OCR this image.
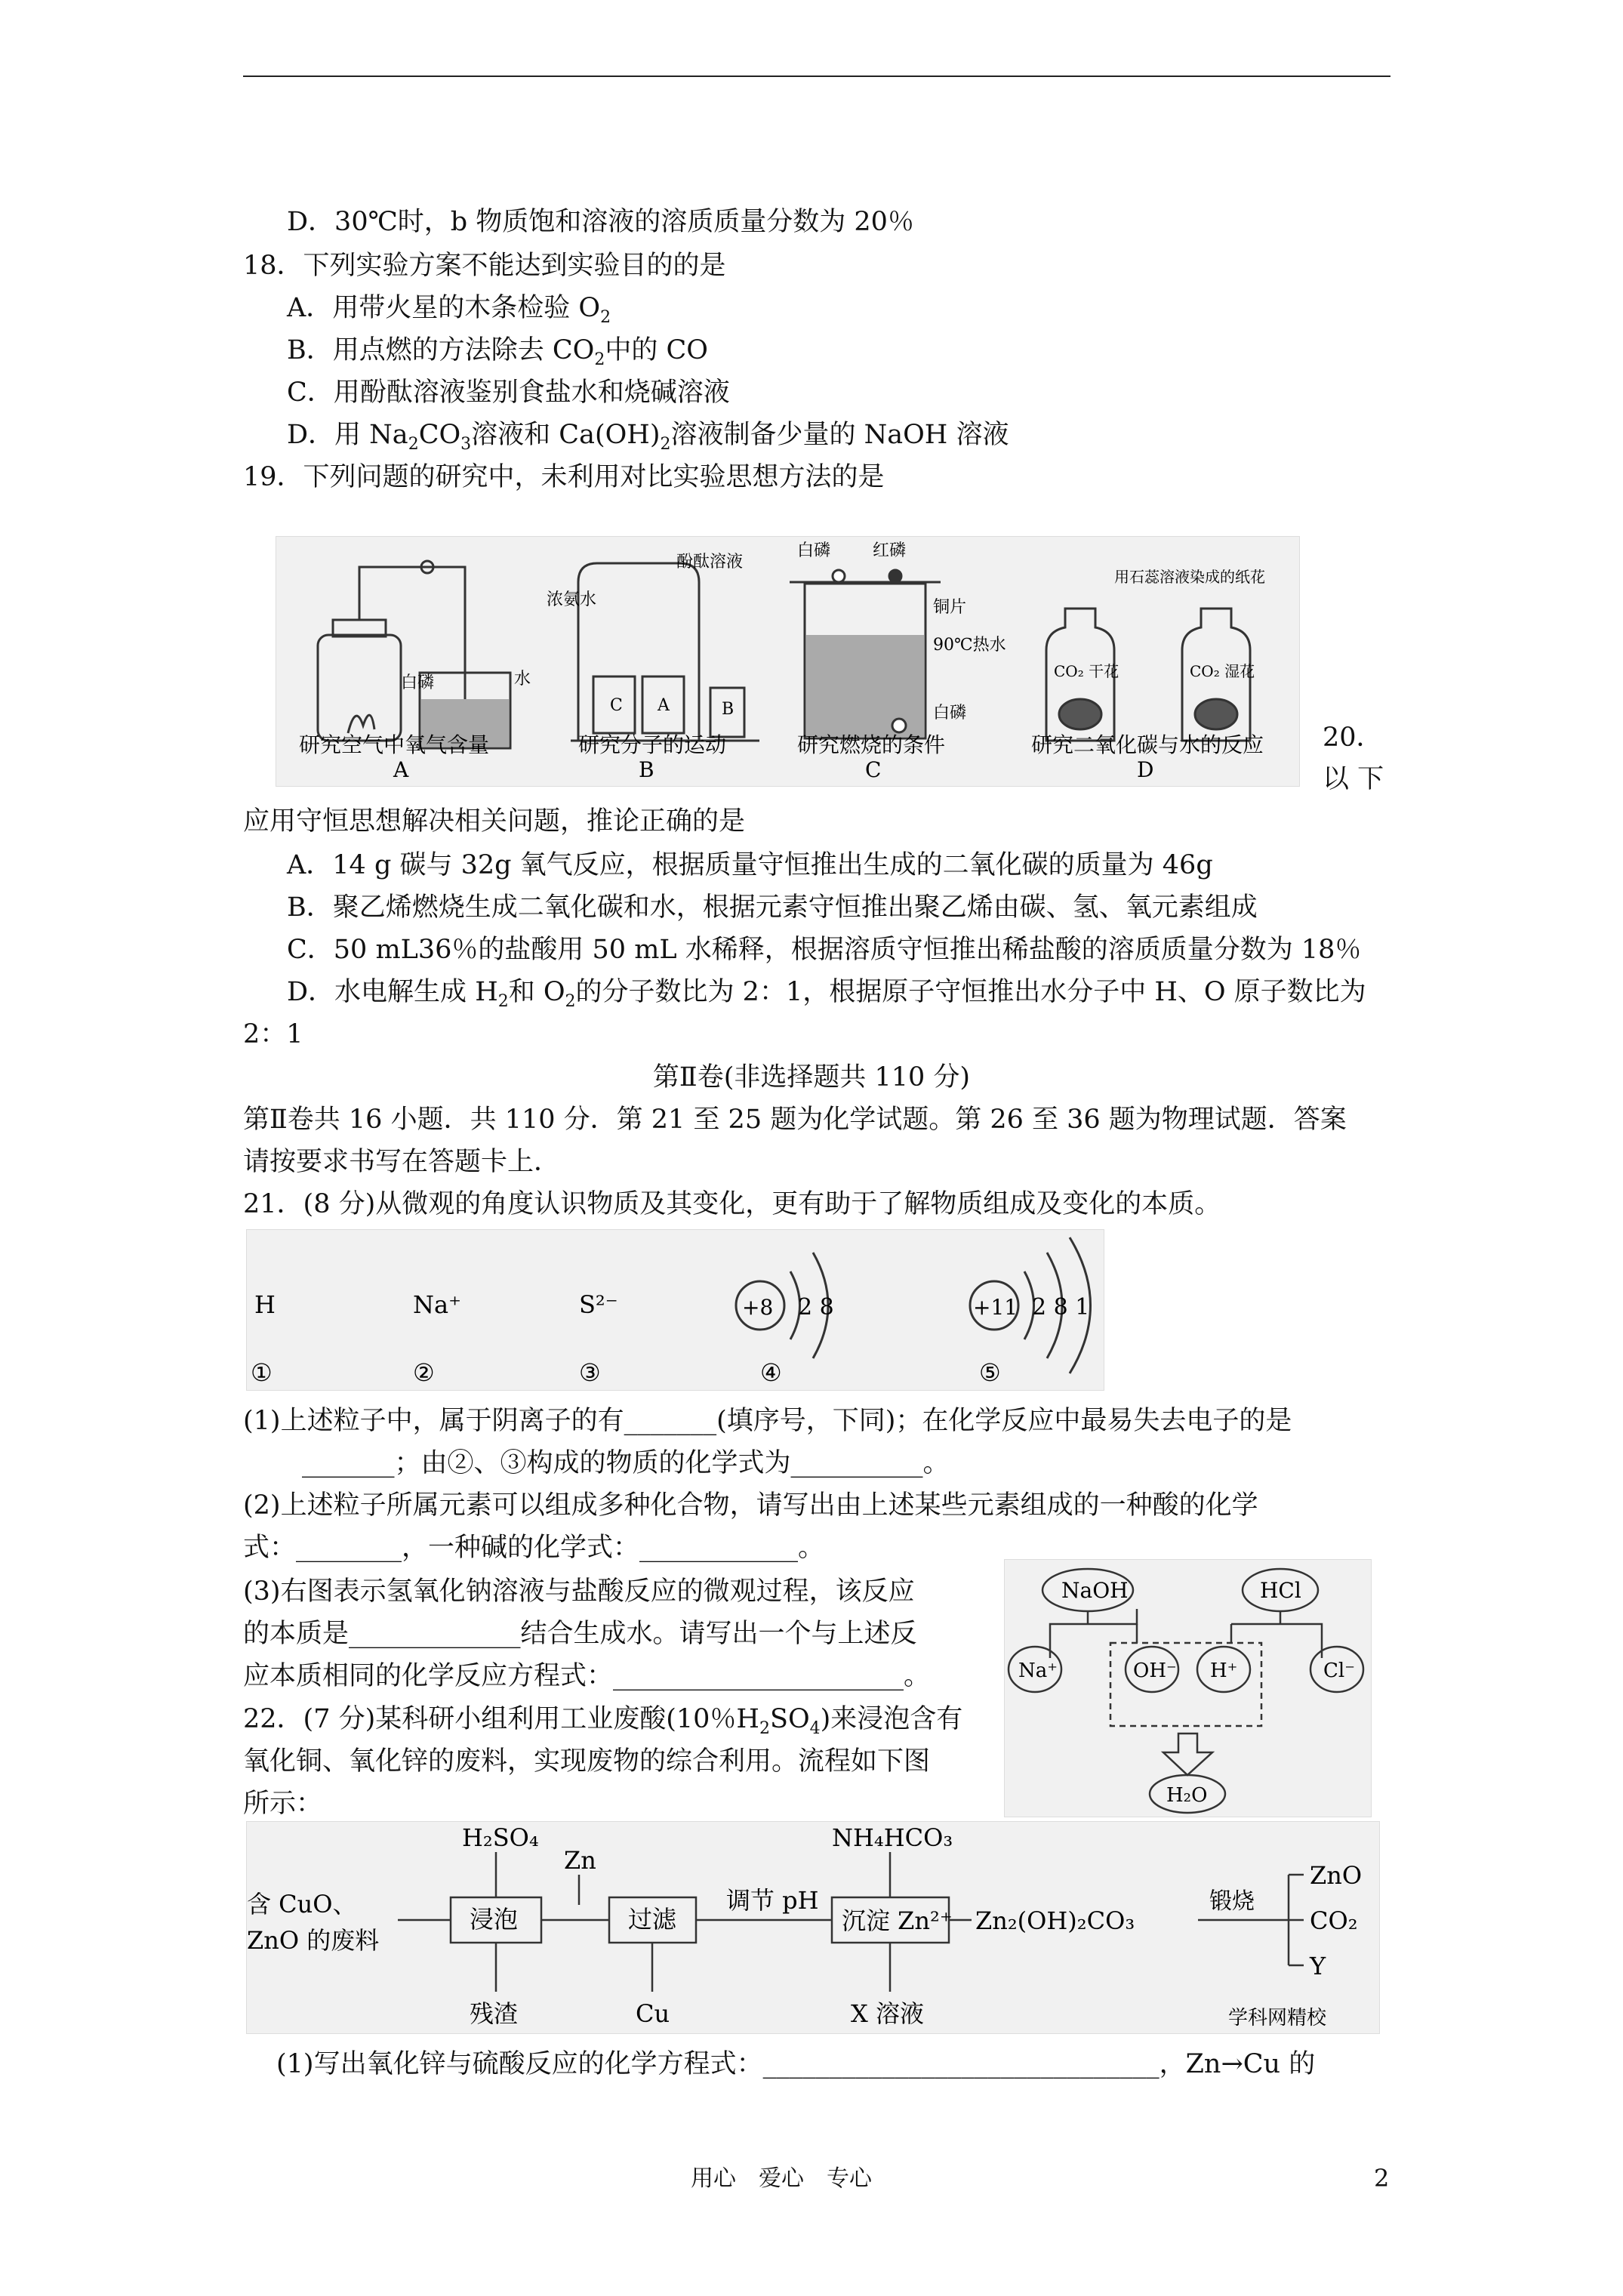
D．30℃时，b 物质饱和溶液的溶质质量分数为 20％
18．下列实验方案不能达到实验目的的是
A．用带火星的木条检验 $O_2$
B．用点燃的方法除去 $CO_2$中的 CO
C．用酚酞溶液鉴别食盐水和烧碱溶液
D．用 $Na_2CO_3$溶液和 $Ca(OH)_2$溶液制备少量的 NaOH 溶液
19．下列问题的研究中，未利用对比实验思想方法的是
白磷	水
研究空气中氧气含量
A
浓氨水
酚酞溶液
C A	B
研究分子的运动
B
白磷	红磷
铜片
90℃热水
白磷
研究燃烧的条件
C
用石蕊溶液染成的纸花
CO₂ 干花	CO₂ 湿花
研究二氧化碳与水的反应
D
20．
以 下
应用守恒思想解决相关问题，推论正确的是
A．14 g 碳与 32g 氧气反应，根据质量守恒推出生成的二氧化碳的质量为 46g
B．聚乙烯燃烧生成二氧化碳和水，根据元素守恒推出聚乙烯由碳、氢、氧元素组成
C．50 mL36％的盐酸用 50 mL 水稀释，根据溶质守恒推出稀盐酸的溶质质量分数为 18％
D．水电解生成 $H_2$和 $O_2$的分子数比为 2：1，根据原子守恒推出水分子中 H、O 原子数比为
2：1
第Ⅱ卷(非选择题共 110 分)
第Ⅱ卷共 16 小题．共 110 分．第 21 至 25 题为化学试题。第 26 至 36 题为物理试题．答案
请按要求书写在答题卡上．
21．(8 分)从微观的角度认识物质及其变化，更有助于了解物质组成及变化的本质。
H	Na⁺	S²⁻	+8 2 8	+11 2 8 1
①	②	③	④	⑤
(1)上述粒子中，属于阴离子的有_______(填序号，下同)；在化学反应中最易失去电子的是
_______；由②、③构成的物质的化学式为__________。
(2)上述粒子所属元素可以组成多种化合物，请写出由上述某些元素组成的一种酸的化学
式：________，一种碱的化学式：____________。
(3)右图表示氢氧化钠溶液与盐酸反应的微观过程，该反应
的本质是_____________结合生成水。请写出一个与上述反
应本质相同的化学反应方程式：______________________。
NaOH	HCl
Na⁺	OH⁻ H⁺	Cl⁻
H₂O
22．(7 分)某科研小组利用工业废酸(10％$H_2SO_4$)来浸泡含有
氧化铜、氧化锌的废料，实现废物的综合利用。流程如下图
所示：
含 CuO、
ZnO 的废料
H₂SO₄
Zn
浸泡
残渣
过滤
Cu
调节 pH
NH₄HCO₃
沉淀 Zn²⁺
X 溶液
Zn₂(OH)₂CO₃
锻烧
ZnO
CO₂
Y
学科网精校
(1)写出氧化锌与硫酸反应的化学方程式：______________________________，Zn→Cu 的
用心　爱心　专心	2
